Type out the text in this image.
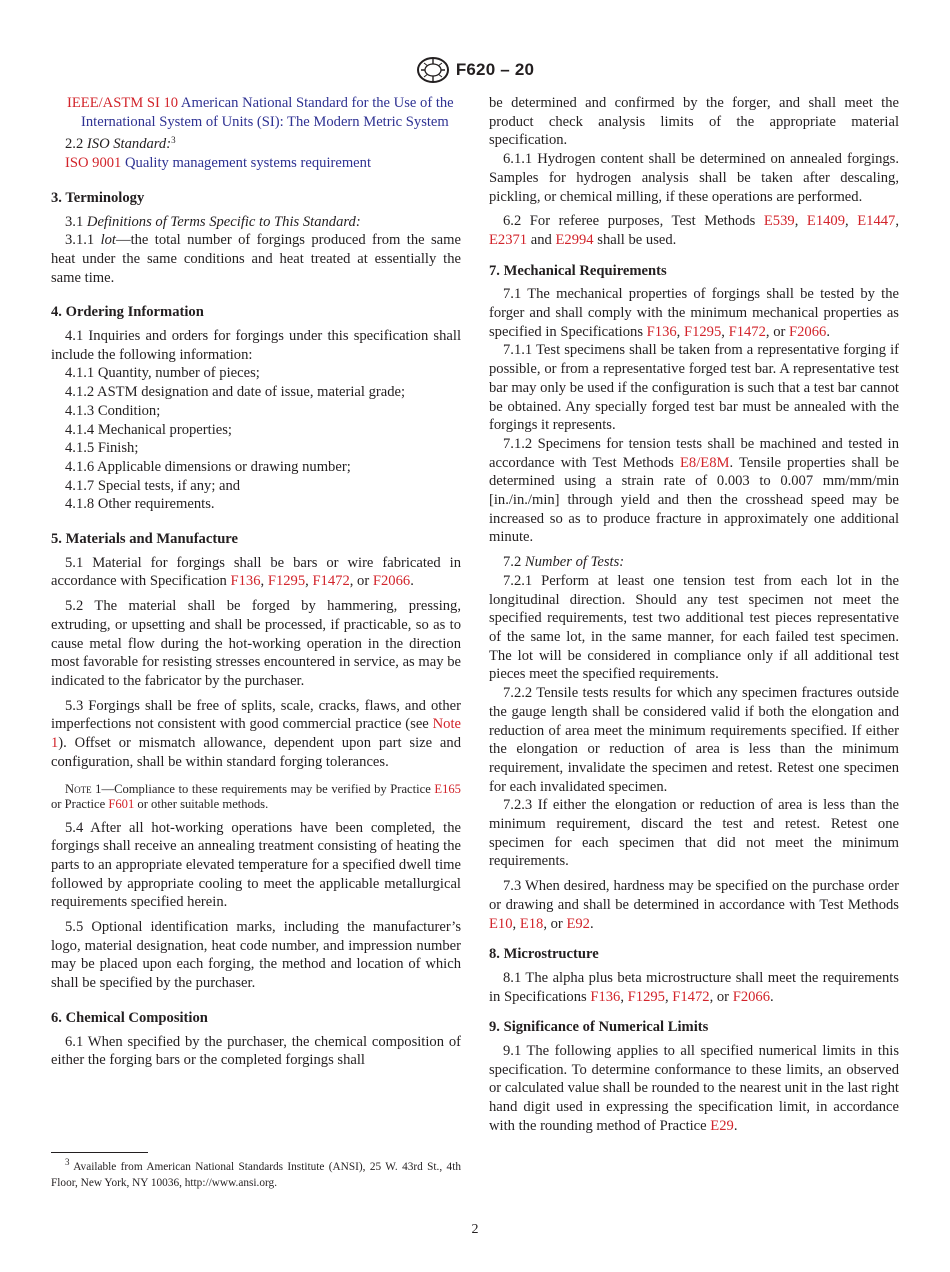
F620 – 20

IEEE/ASTM SI 10 American National Standard for the Use of the International System of Units (SI): The Modern Metric System

2.2 ISO Standard:$^3$

ISO 9001 Quality management systems requirement

3. Terminology

3.1 Definitions of Terms Specific to This Standard:

3.1.1 lot—the total number of forgings produced from the same heat under the same conditions and heat treated at essentially the same time.

4. Ordering Information

4.1 Inquiries and orders for forgings under this specification shall include the following information:

4.1.1 Quantity, number of pieces;

4.1.2 ASTM designation and date of issue, material grade;

4.1.3 Condition;

4.1.4 Mechanical properties;

4.1.5 Finish;

4.1.6 Applicable dimensions or drawing number;

4.1.7 Special tests, if any; and

4.1.8 Other requirements.

5. Materials and Manufacture

5.1 Material for forgings shall be bars or wire fabricated in accordance with Specification F136, F1295, F1472, or F2066.

5.2 The material shall be forged by hammering, pressing, extruding, or upsetting and shall be processed, if practicable, so as to cause metal flow during the hot-working operation in the direction most favorable for resisting stresses encountered in service, as may be indicated to the fabricator by the purchaser.

5.3 Forgings shall be free of splits, scale, cracks, flaws, and other imperfections not consistent with good commercial practice (see Note 1). Offset or mismatch allowance, dependent upon part size and configuration, shall be within standard forging tolerances.

Note 1—Compliance to these requirements may be verified by Practice E165 or Practice F601 or other suitable methods.

5.4 After all hot-working operations have been completed, the forgings shall receive an annealing treatment consisting of heating the parts to an appropriate elevated temperature for a specified dwell time followed by appropriate cooling to meet the applicable metallurgical requirements specified herein.

5.5 Optional identification marks, including the manufacturer’s logo, material designation, heat code number, and impression number may be placed upon each forging, the method and location of which shall be specified by the purchaser.

6. Chemical Composition

6.1 When specified by the purchaser, the chemical composition of either the forging bars or the completed forgings shall

be determined and confirmed by the forger, and shall meet the product check analysis limits of the appropriate material specification.

6.1.1 Hydrogen content shall be determined on annealed forgings. Samples for hydrogen analysis shall be taken after descaling, pickling, or chemical milling, if these operations are performed.

6.2 For referee purposes, Test Methods E539, E1409, E1447, E2371 and E2994 shall be used.

7. Mechanical Requirements

7.1 The mechanical properties of forgings shall be tested by the forger and shall comply with the minimum mechanical properties as specified in Specifications F136, F1295, F1472, or F2066.

7.1.1 Test specimens shall be taken from a representative forging if possible, or from a representative forged test bar. A representative test bar may only be used if the configuration is such that a test bar cannot be obtained. Any specially forged test bar must be annealed with the forgings it represents.

7.1.2 Specimens for tension tests shall be machined and tested in accordance with Test Methods E8/E8M. Tensile properties shall be determined using a strain rate of 0.003 to 0.007 mm/mm/min [in./in./min] through yield and then the crosshead speed may be increased so as to produce fracture in approximately one additional minute.

7.2 Number of Tests:

7.2.1 Perform at least one tension test from each lot in the longitudinal direction. Should any test specimen not meet the specified requirements, test two additional test pieces representative of the same lot, in the same manner, for each failed test specimen. The lot will be considered in compliance only if all additional test pieces meet the specified requirements.

7.2.2 Tensile tests results for which any specimen fractures outside the gauge length shall be considered valid if both the elongation and reduction of area meet the minimum requirements specified. If either the elongation or reduction of area is less than the minimum requirement, invalidate the specimen and retest. Retest one specimen for each invalidated specimen.

7.2.3 If either the elongation or reduction of area is less than the minimum requirement, discard the test and retest. Retest one specimen for each specimen that did not meet the minimum requirements.

7.3 When desired, hardness may be specified on the purchase order or drawing and shall be determined in accordance with Test Methods E10, E18, or E92.

8. Microstructure

8.1 The alpha plus beta microstructure shall meet the requirements in Specifications F136, F1295, F1472, or F2066.

9. Significance of Numerical Limits

9.1 The following applies to all specified numerical limits in this specification. To determine conformance to these limits, an observed or calculated value shall be rounded to the nearest unit in the last right hand digit used in expressing the specification limit, in accordance with the rounding method of Practice E29.

$^3$ Available from American National Standards Institute (ANSI), 25 W. 43rd St., 4th Floor, New York, NY 10036, http://www.ansi.org.

2
